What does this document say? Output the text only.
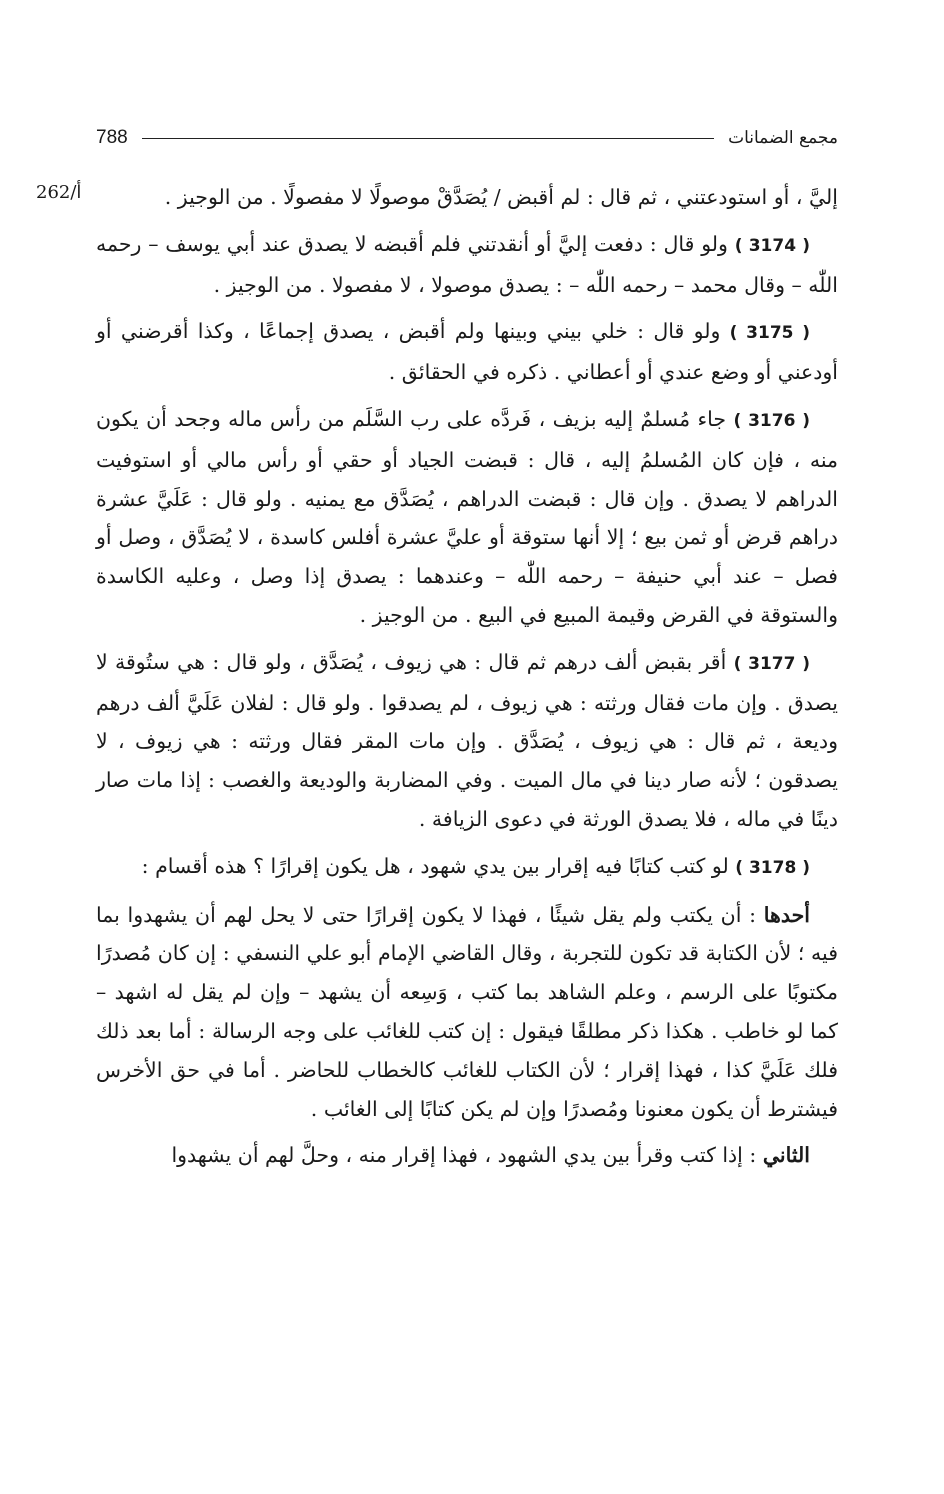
مجمع الضمانات
788
262/أ	إليَّ ، أو استودعتني ، ثم قال : لم أقبض / يُصَدَّقْ موصولًا لا مفصولًا . من الوجيز .

( 3174 ) ولو قال : دفعت إليَّ أو أنقدتني فلم أقبضه لا يصدق عند أبي يوسف – رحمه اللّٰه – وقال محمد – رحمه اللّٰه – : يصدق موصولا ، لا مفصولا . من الوجيز .

( 3175 ) ولو قال : خلي بيني وبينها ولم أقبض ، يصدق إجماعًا ، وكذا أقرضني أو أودعني أو وضع عندي أو أعطاني . ذكره في الحقائق .

( 3176 ) جاء مُسلمٌ إليه بزيف ، فَردَّه على رب السَّلَم من رأس ماله وجحد أن يكون منه ، فإن كان المُسلمُ إليه ، قال : قبضت الجياد أو حقي أو رأس مالي أو استوفيت الدراهم لا يصدق . وإن قال : قبضت الدراهم ، يُصَدَّق مع يمنيه . ولو قال : عَلَيَّ عشرة دراهم قرض أو ثمن بيع ؛ إلا أنها ستوقة أو عليَّ عشرة أفلس كاسدة ، لا يُصَدَّق ، وصل أو فصل – عند أبي حنيفة – رحمه اللّٰه – وعندهما : يصدق إذا وصل ، وعليه الكاسدة والستوقة في القرض وقيمة المبيع في البيع . من الوجيز .

( 3177 ) أقر بقبض ألف درهم ثم قال : هي زيوف ، يُصَدَّق ، ولو قال : هي ستُوقة لا يصدق . وإن مات فقال ورثته : هي زيوف ، لم يصدقوا . ولو قال : لفلان عَلَيَّ ألف درهم وديعة ، ثم قال : هي زيوف ، يُصَدَّق . وإن مات المقر فقال ورثته : هي زيوف ، لا يصدقون ؛ لأنه صار دينا في مال الميت . وفي المضاربة والوديعة والغصب : إذا مات صار دينًا في ماله ، فلا يصدق الورثة في دعوى الزيافة .

( 3178 ) لو كتب كتابًا فيه إقرار بين يدي شهود ، هل يكون إقرارًا ؟ هذه أقسام :

أحدها : أن يكتب ولم يقل شيئًا ، فهذا لا يكون إقرارًا حتى لا يحل لهم أن يشهدوا بما فيه ؛ لأن الكتابة قد تكون للتجربة ، وقال القاضي الإمام أبو علي النسفي : إن كان مُصدرًا مكتوبًا على الرسم ، وعلم الشاهد بما كتب ، وَسِعه أن يشهد – وإن لم يقل له اشهد – كما لو خاطب . هكذا ذكر مطلقًا فيقول : إن كتب للغائب على وجه الرسالة : أما بعد ذلك فلك عَلَيَّ كذا ، فهذا إقرار ؛ لأن الكتاب للغائب كالخطاب للحاضر . أما في حق الأخرس فيشترط أن يكون معنونا ومُصدرًا وإن لم يكن كتابًا إلى الغائب .

الثاني : إذا كتب وقرأ بين يدي الشهود ، فهذا إقرار منه ، وحلَّ لهم أن يشهدوا
